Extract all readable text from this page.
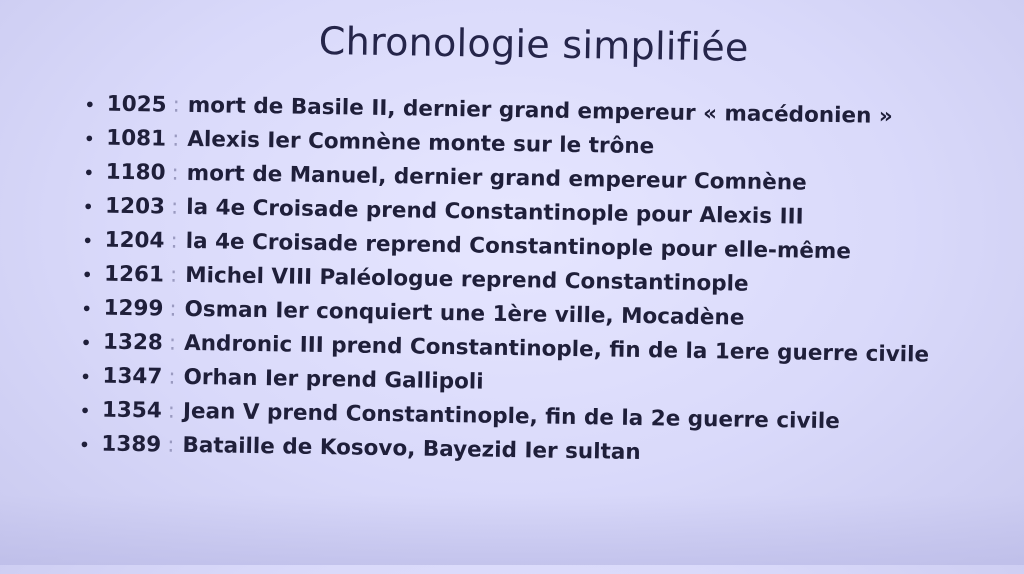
Chronologie simplifiée
• 1025 : mort de Basile II, dernier grand empereur « macédonien »
• 1081 : Alexis Ier Comnène monte sur le trône
• 1180 : mort de Manuel, dernier grand empereur Comnène
• 1203 : la 4e Croisade prend Constantinople pour Alexis III
• 1204 : la 4e Croisade reprend Constantinople pour elle-même
• 1261 : Michel VIII Paléologue reprend Constantinople
• 1299 : Osman Ier conquiert une 1ère ville, Mocadène
• 1328 : Andronic III prend Constantinople, fin de la 1ere guerre civile
• 1347 : Orhan Ier prend Gallipoli
• 1354 : Jean V prend Constantinople, fin de la 2e guerre civile
• 1389 : Bataille de Kosovo, Bayezid Ier sultan
